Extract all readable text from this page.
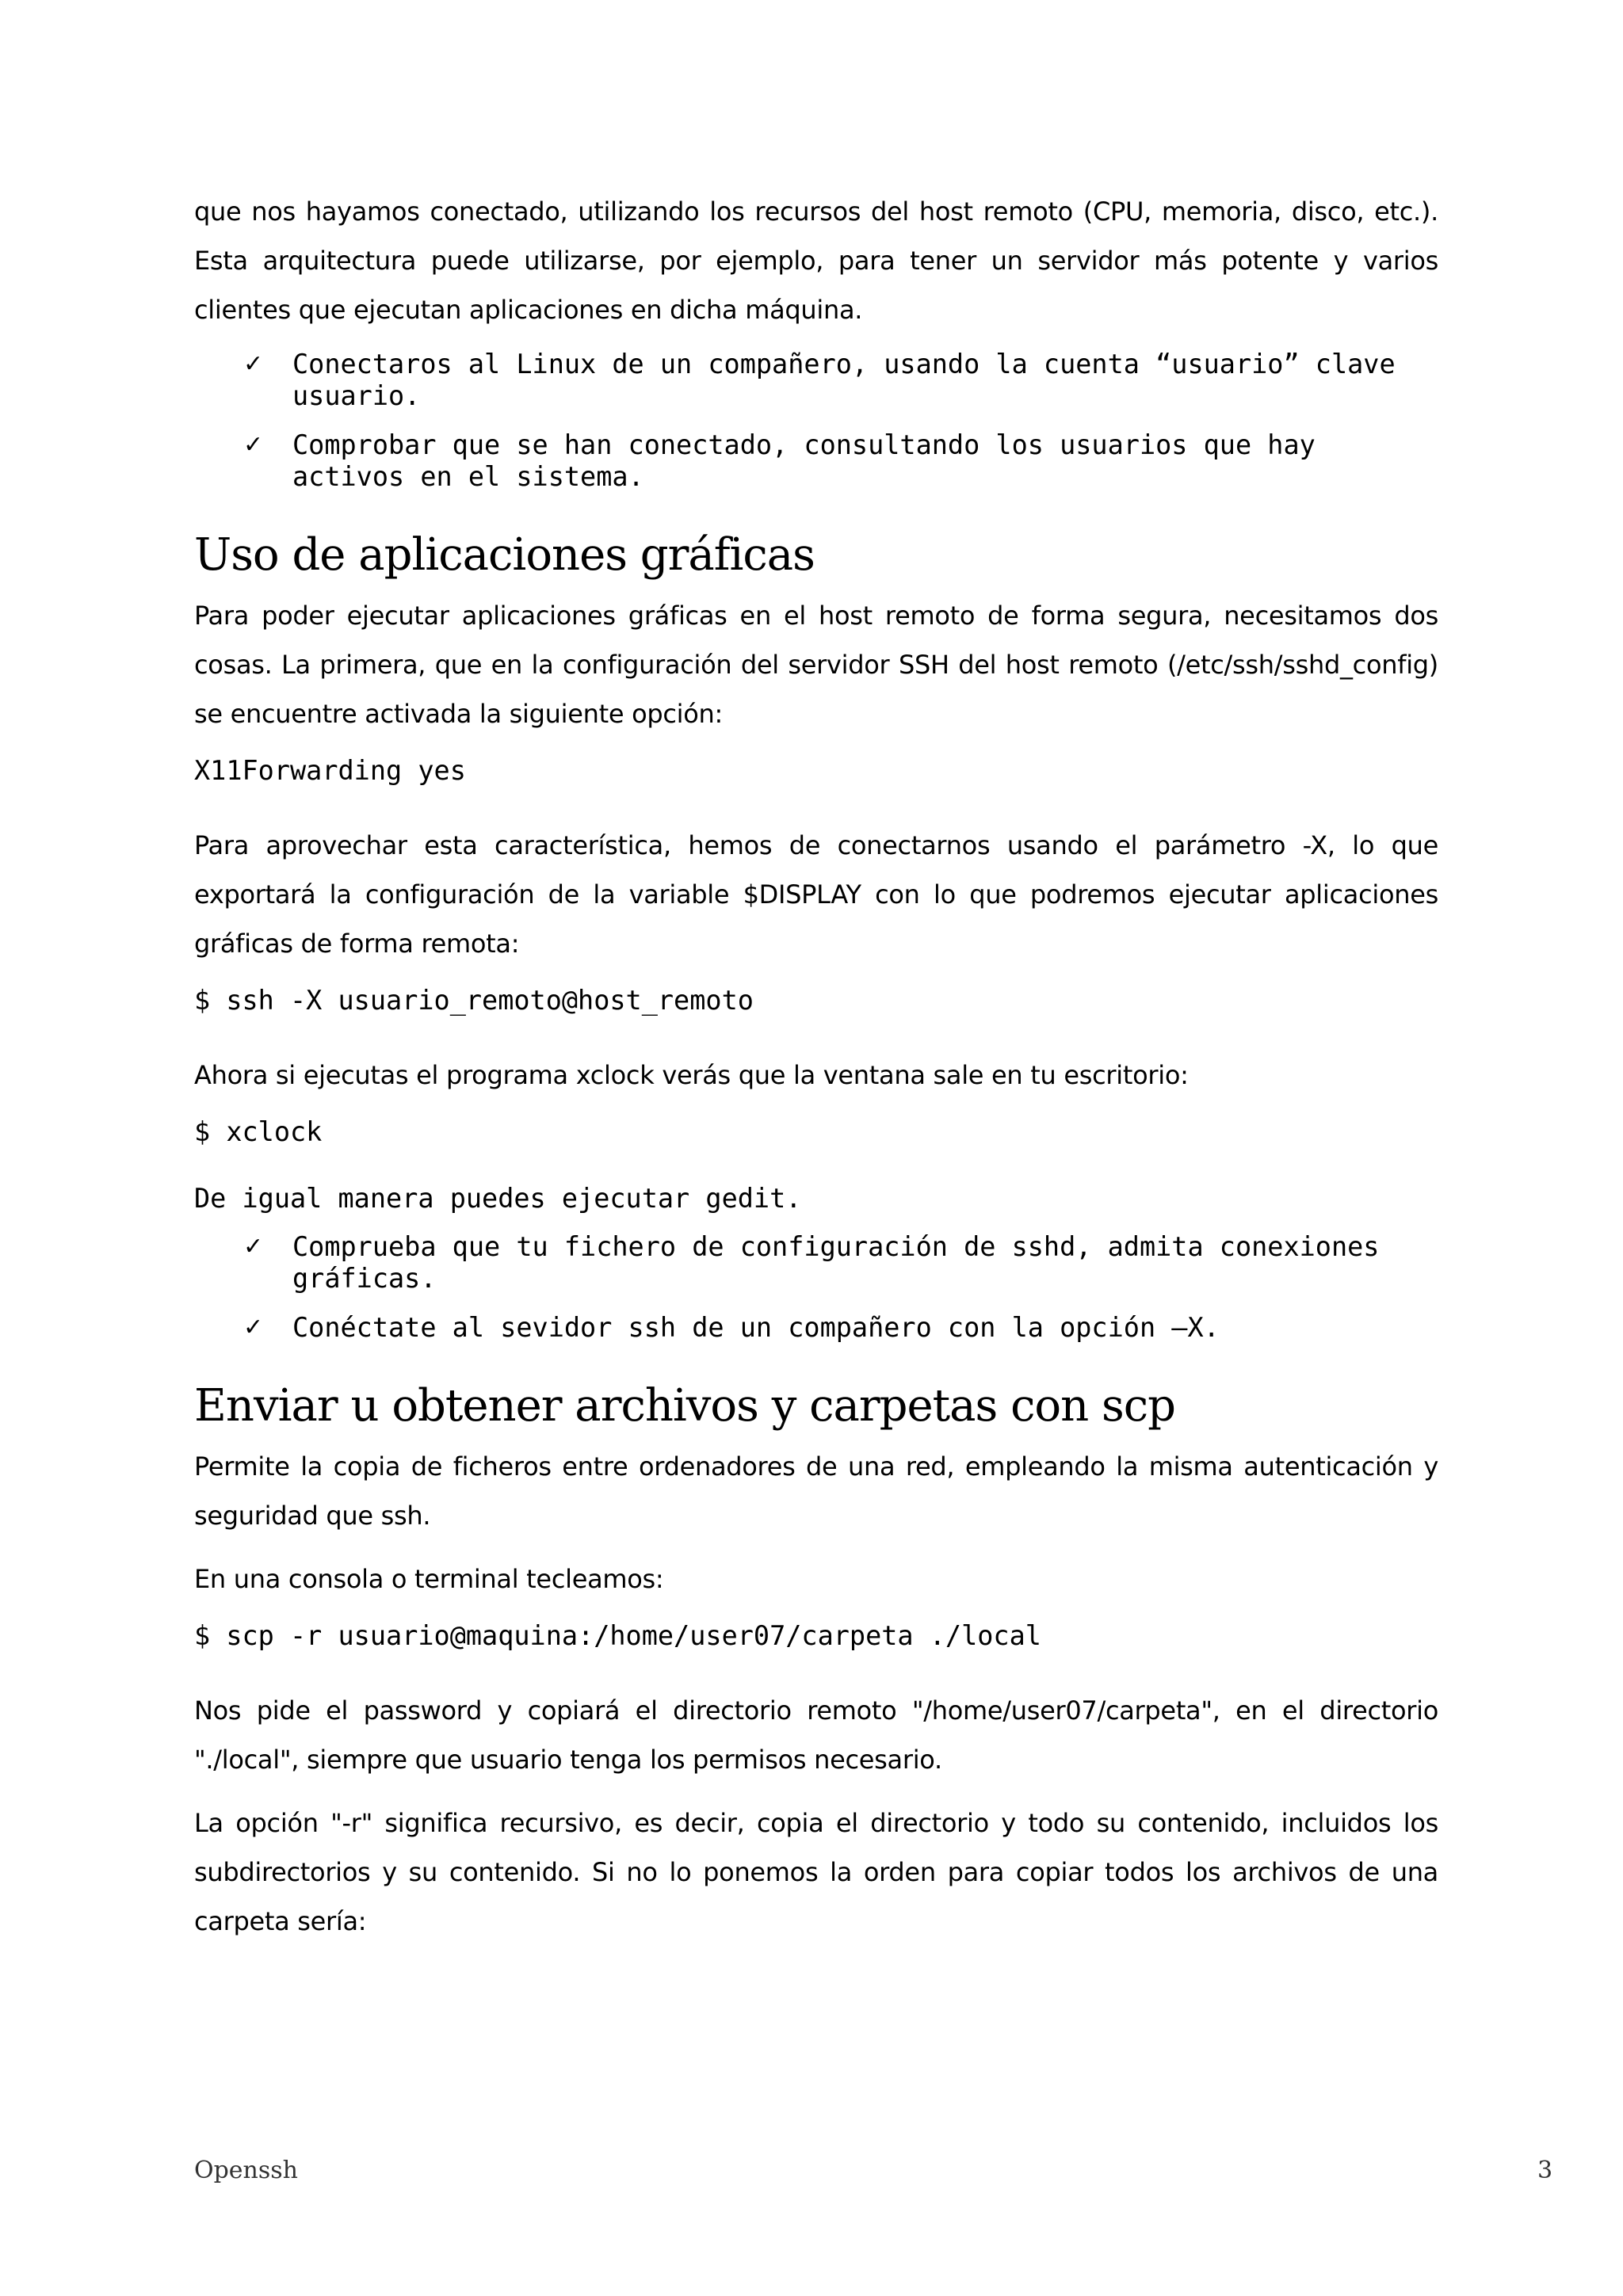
que nos hayamos conectado, utilizando los recursos del host remoto (CPU, memoria, disco, etc.). Esta arquitectura puede utilizarse, por ejemplo, para tener un servidor más potente y varios clientes que ejecutan aplicaciones en dicha máquina.

✓ Conectaros al Linux de un compañero, usando la cuenta “usuario” clave usuario.
✓ Comprobar que se han conectado, consultando los usuarios que hay activos en el sistema.
Uso de aplicaciones gráficas

Para poder ejecutar aplicaciones gráficas en el host remoto de forma segura, necesitamos dos cosas. La primera, que en la configuración del servidor SSH del host remoto (/etc/ssh/sshd_config) se encuentre activada la siguiente opción:

X11Forwarding yes

Para aprovechar esta característica, hemos de conectarnos usando el parámetro -X, lo que exportará la configuración de la variable $DISPLAY con lo que podremos ejecutar aplicaciones gráficas de forma remota:

$ ssh -X usuario_remoto@host_remoto

Ahora si ejecutas el programa xclock verás que la ventana sale en tu escritorio:

$ xclock
De igual manera puedes ejecutar gedit.
✓ Comprueba que tu fichero de configuración de sshd, admita conexiones gráficas.
✓ Conéctate al sevidor ssh de un compañero con la opción –X.
Enviar u obtener archivos y carpetas con scp

Permite la copia de ficheros entre ordenadores de una red, empleando la misma autenticación y seguridad que ssh.

En una consola o terminal tecleamos:

$ scp -r usuario@maquina:/home/user07/carpeta ./local

Nos pide el password y copiará el directorio remoto "/home/user07/carpeta", en el directorio "./local", siempre que usuario tenga los permisos necesario.

La opción "-r" significa recursivo, es decir, copia el directorio y todo su contenido, incluidos los subdirectorios y su contenido. Si no lo ponemos la orden para copiar todos los archivos de una carpeta sería:

Openssh	3
